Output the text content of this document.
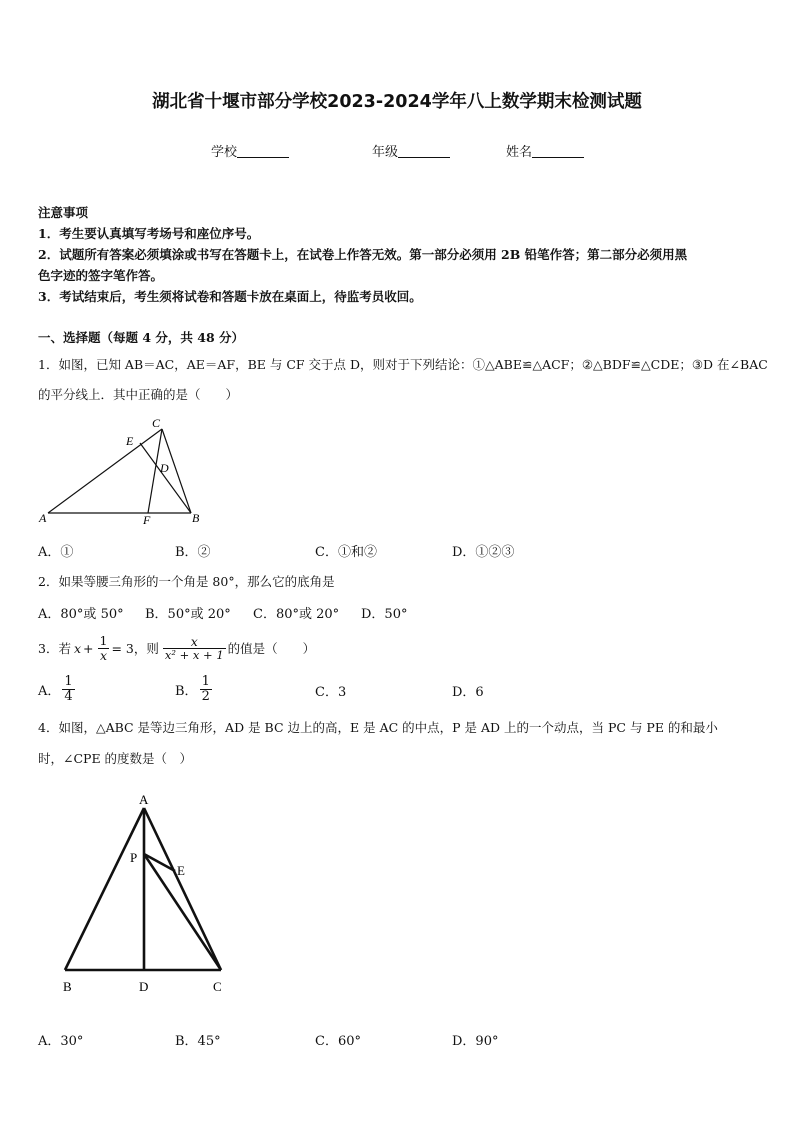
湖北省十堰市部分学校2023-2024学年八上数学期末检测试题
学校	年级	姓名
注意事项
1．考生要认真填写考场号和座位序号。
2．试题所有答案必须填涂或书写在答题卡上，在试卷上作答无效。第一部分必须用 2B 铅笔作答；第二部分必须用黑
色字迹的签字笔作答。
3．考试结束后，考生须将试卷和答题卡放在桌面上，待监考员收回。
一、选择题（每题 4 分，共 48 分）
1．如图，已知 AB＝AC，AE＝AF，BE 与 CF 交于点 D，则对于下列结论：①△ABE≌△ACF；②△BDF≌△CDE；③D 在∠BAC
的平分线上．其中正确的是（　　）
A	B
C
D
E
F
A．①	B．②	C．①和②	D．①②③
2．如果等腰三角形的一个角是 80°，那么它的底角是
A．80°或 50° B．50°或 20° C．80°或 20° D．50°
3．若 $x + \frac{1}{x} = 3$，则 $\frac{x}{\text{x² + x + 1}}$ 的值是（　　）
A． $\frac{1}{4}$	B． $\frac{1}{2}$	C．3	D．6
4．如图，△ABC 是等边三角形，AD 是 BC 边上的高，E 是 AC 的中点，P 是 AD 上的一个动点，当 PC 与 PE 的和最小
时，∠CPE 的度数是（　）
A
P
E
B	D	C
A．30°	B．45°	C．60°	D．90°
